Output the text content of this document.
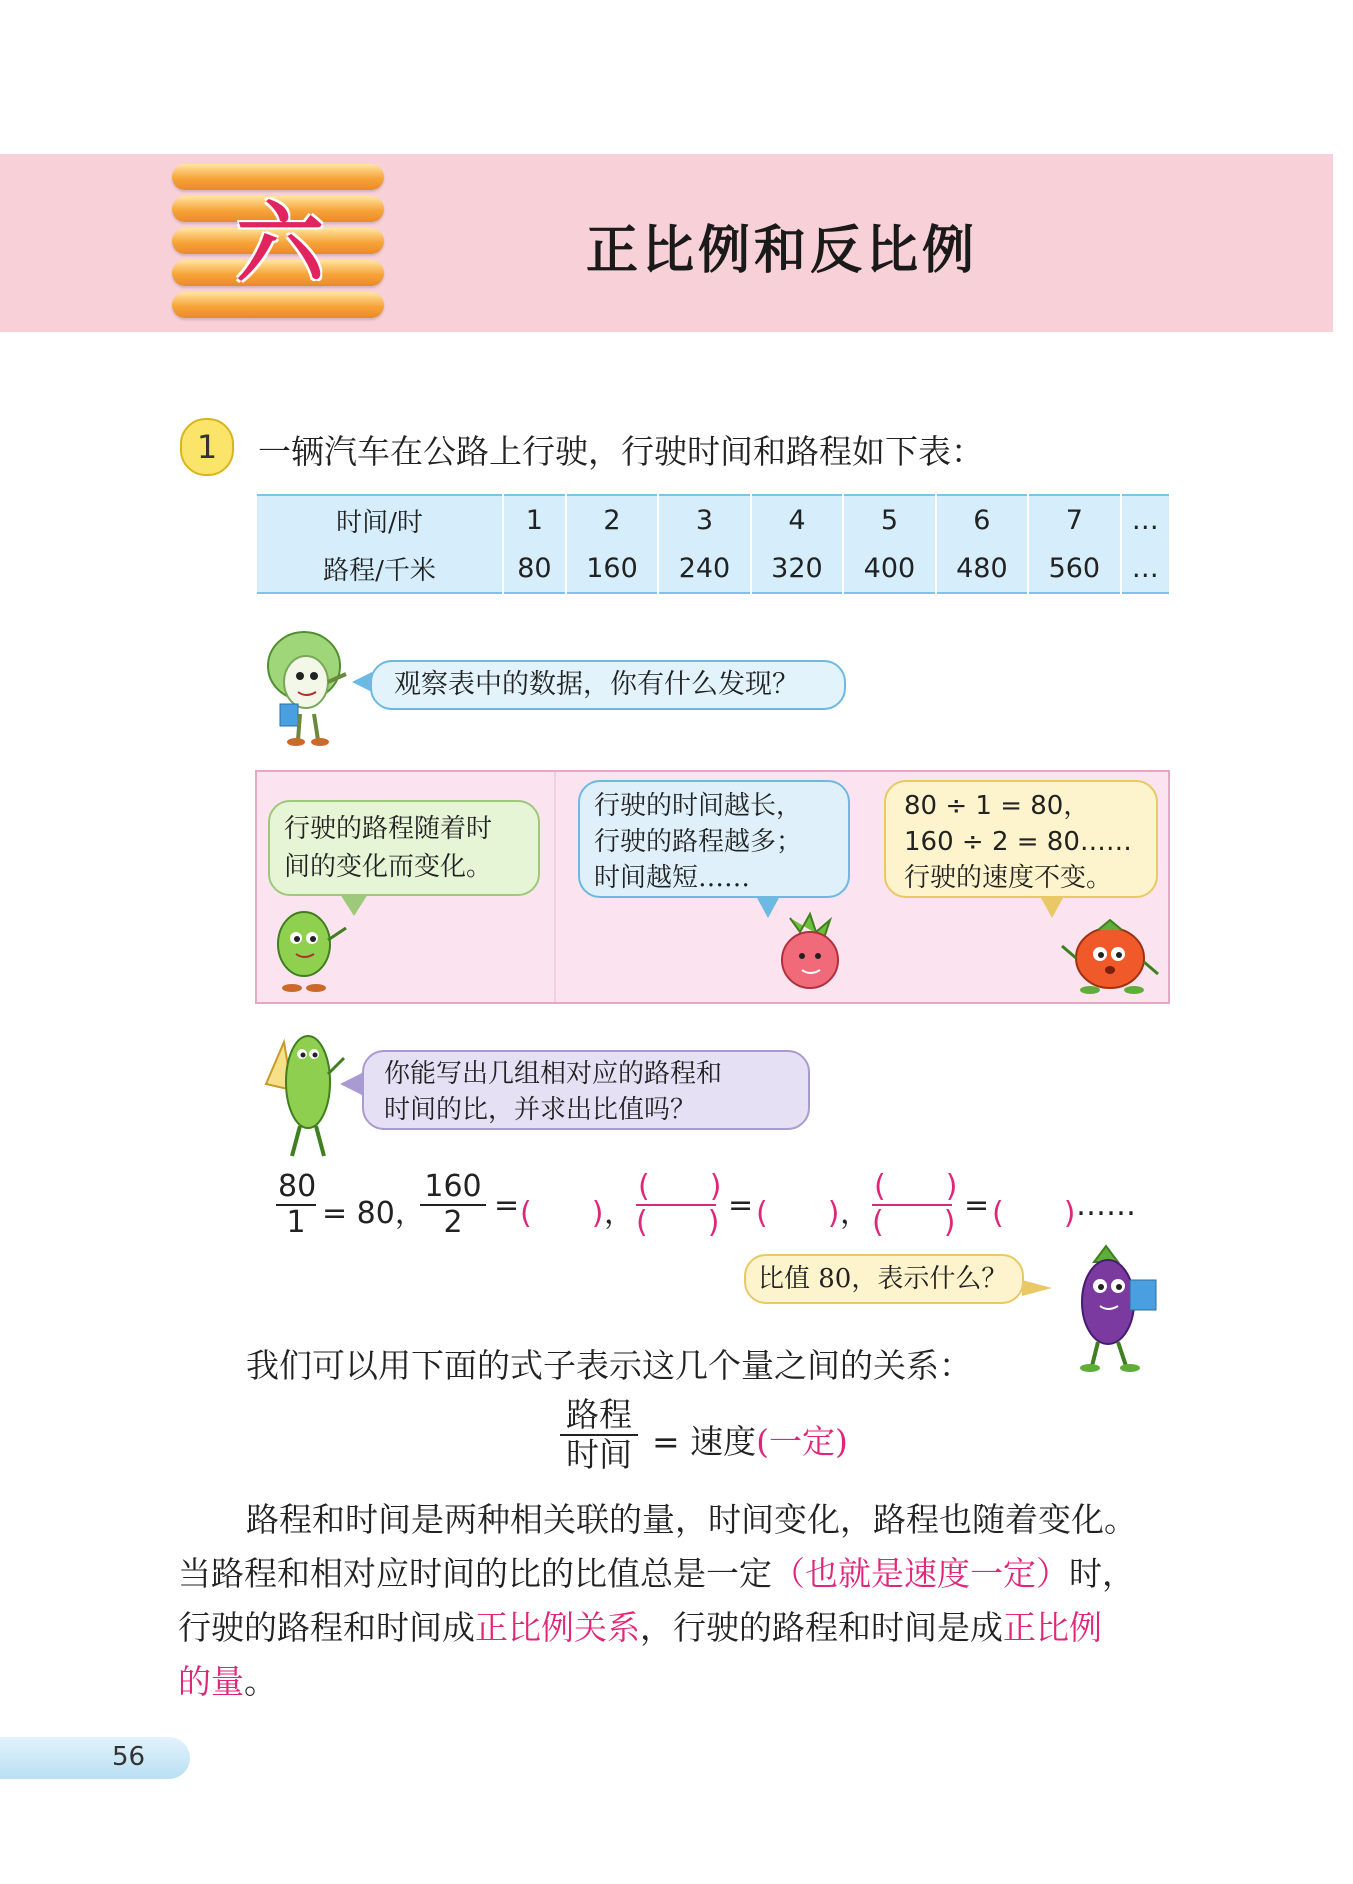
六	正比例和反比例
1	一辆汽车在公路上行驶，行驶时间和路程如下表：
时间/时	1	2	3	4	5	6	7	…
路程/千米	80	160	240	320	400	480	560	…
观察表中的数据，你有什么发现？
行驶的路程随着时
间的变化而变化。
行驶的时间越长，
行驶的路程越多；
时间越短……
80 ÷ 1 = 80，
160 ÷ 2 = 80……
行驶的速度不变。
你能写出几组相对应的路程和
时间的比，并求出比值吗？
$\frac{80}{1} = 80$，
$\frac{160}{2}$ = (　　) ，
(　　)
(　　) = (　　) ，
(　　)
(　　) = (　　) ……
比值 80，表示什么？
我们可以用下面的式子表示这几个量之间的关系：
路程
时间 = 速度(一定)
路程和时间是两种相关联的量，时间变化，路程也随着变化。
当路程和相对应时间的比的比值总是一定（也就是速度一定）时，
行驶的路程和时间成正比例关系，行驶的路程和时间是成正比例
的量。
56
